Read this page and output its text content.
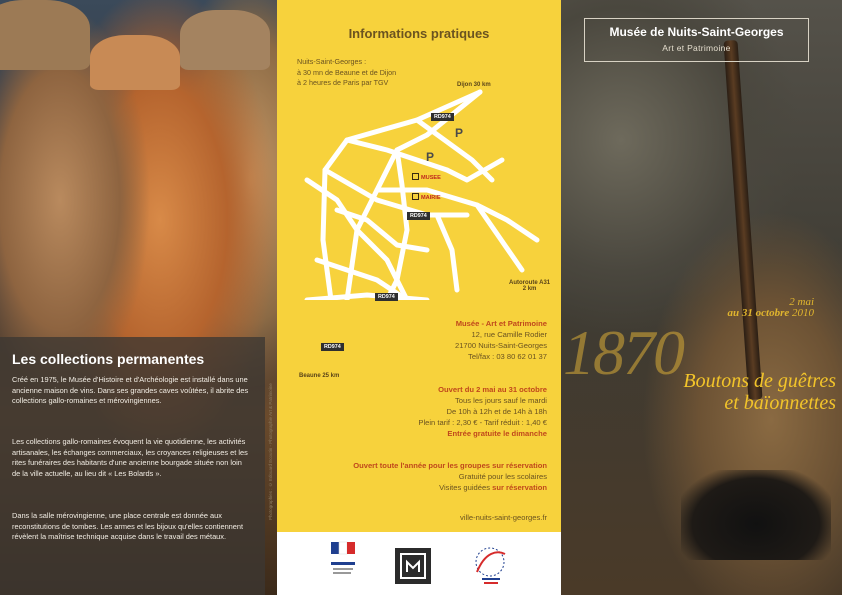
Photographies : © Edouard Ecoutin - Photographie Art & Patrimoine
Les collections permanentes
Créé en 1975, le Musée d'Histoire et d'Archéologie est installé dans une ancienne maison de vins. Dans ses grandes caves voûtées, il abrite des collections gallo-romaines et mérovingiennes.
Les collections gallo-romaines évoquent la vie quotidienne, les activités artisanales, les échanges commerciaux, les croyances religieuses et les rites funéraires des habitants d'une ancienne bourgade située non loin de la ville actuelle, au lieu dit « Les Bolards ».
Dans la salle mérovingienne, une place centrale est donnée aux reconstitutions de tombes. Les armes et les bijoux qu'elles contiennent révèlent la maîtrise technique acquise dans le travail des métaux.
Informations pratiques
Nuits-Saint-Georges :
à 30 mn de Beaune et de Dijon
à 2 heures de Paris par TGV	Dijon 30 km
Beaune 25 km
Autoroute A31
2 km
RD974
RD974
RD974
RD974
P
P
MUSEE
MAIRIE
Musée - Art et Patrimoine
12, rue Camille Rodier
21700 Nuits-Saint-Georges
Tel/fax : 03 80 62 01 37
Ouvert du 2 mai au 31 octobre
Tous les jours sauf le mardi
De 10h à 12h et de 14h à 18h
Plein tarif : 2,30 € - Tarif réduit : 1,40 €
Entrée gratuite le dimanche
Ouvert toute l'année pour les groupes sur réservation
Gratuité pour les scolaires
Visites guidées sur réservation
ville-nuits-saint-georges.fr
Musée de Nuits-Saint-Georges
Art et Patrimoine
2 mai
au 31 octobre 2010
1870 Boutons de guêtres
et baïonnettes
